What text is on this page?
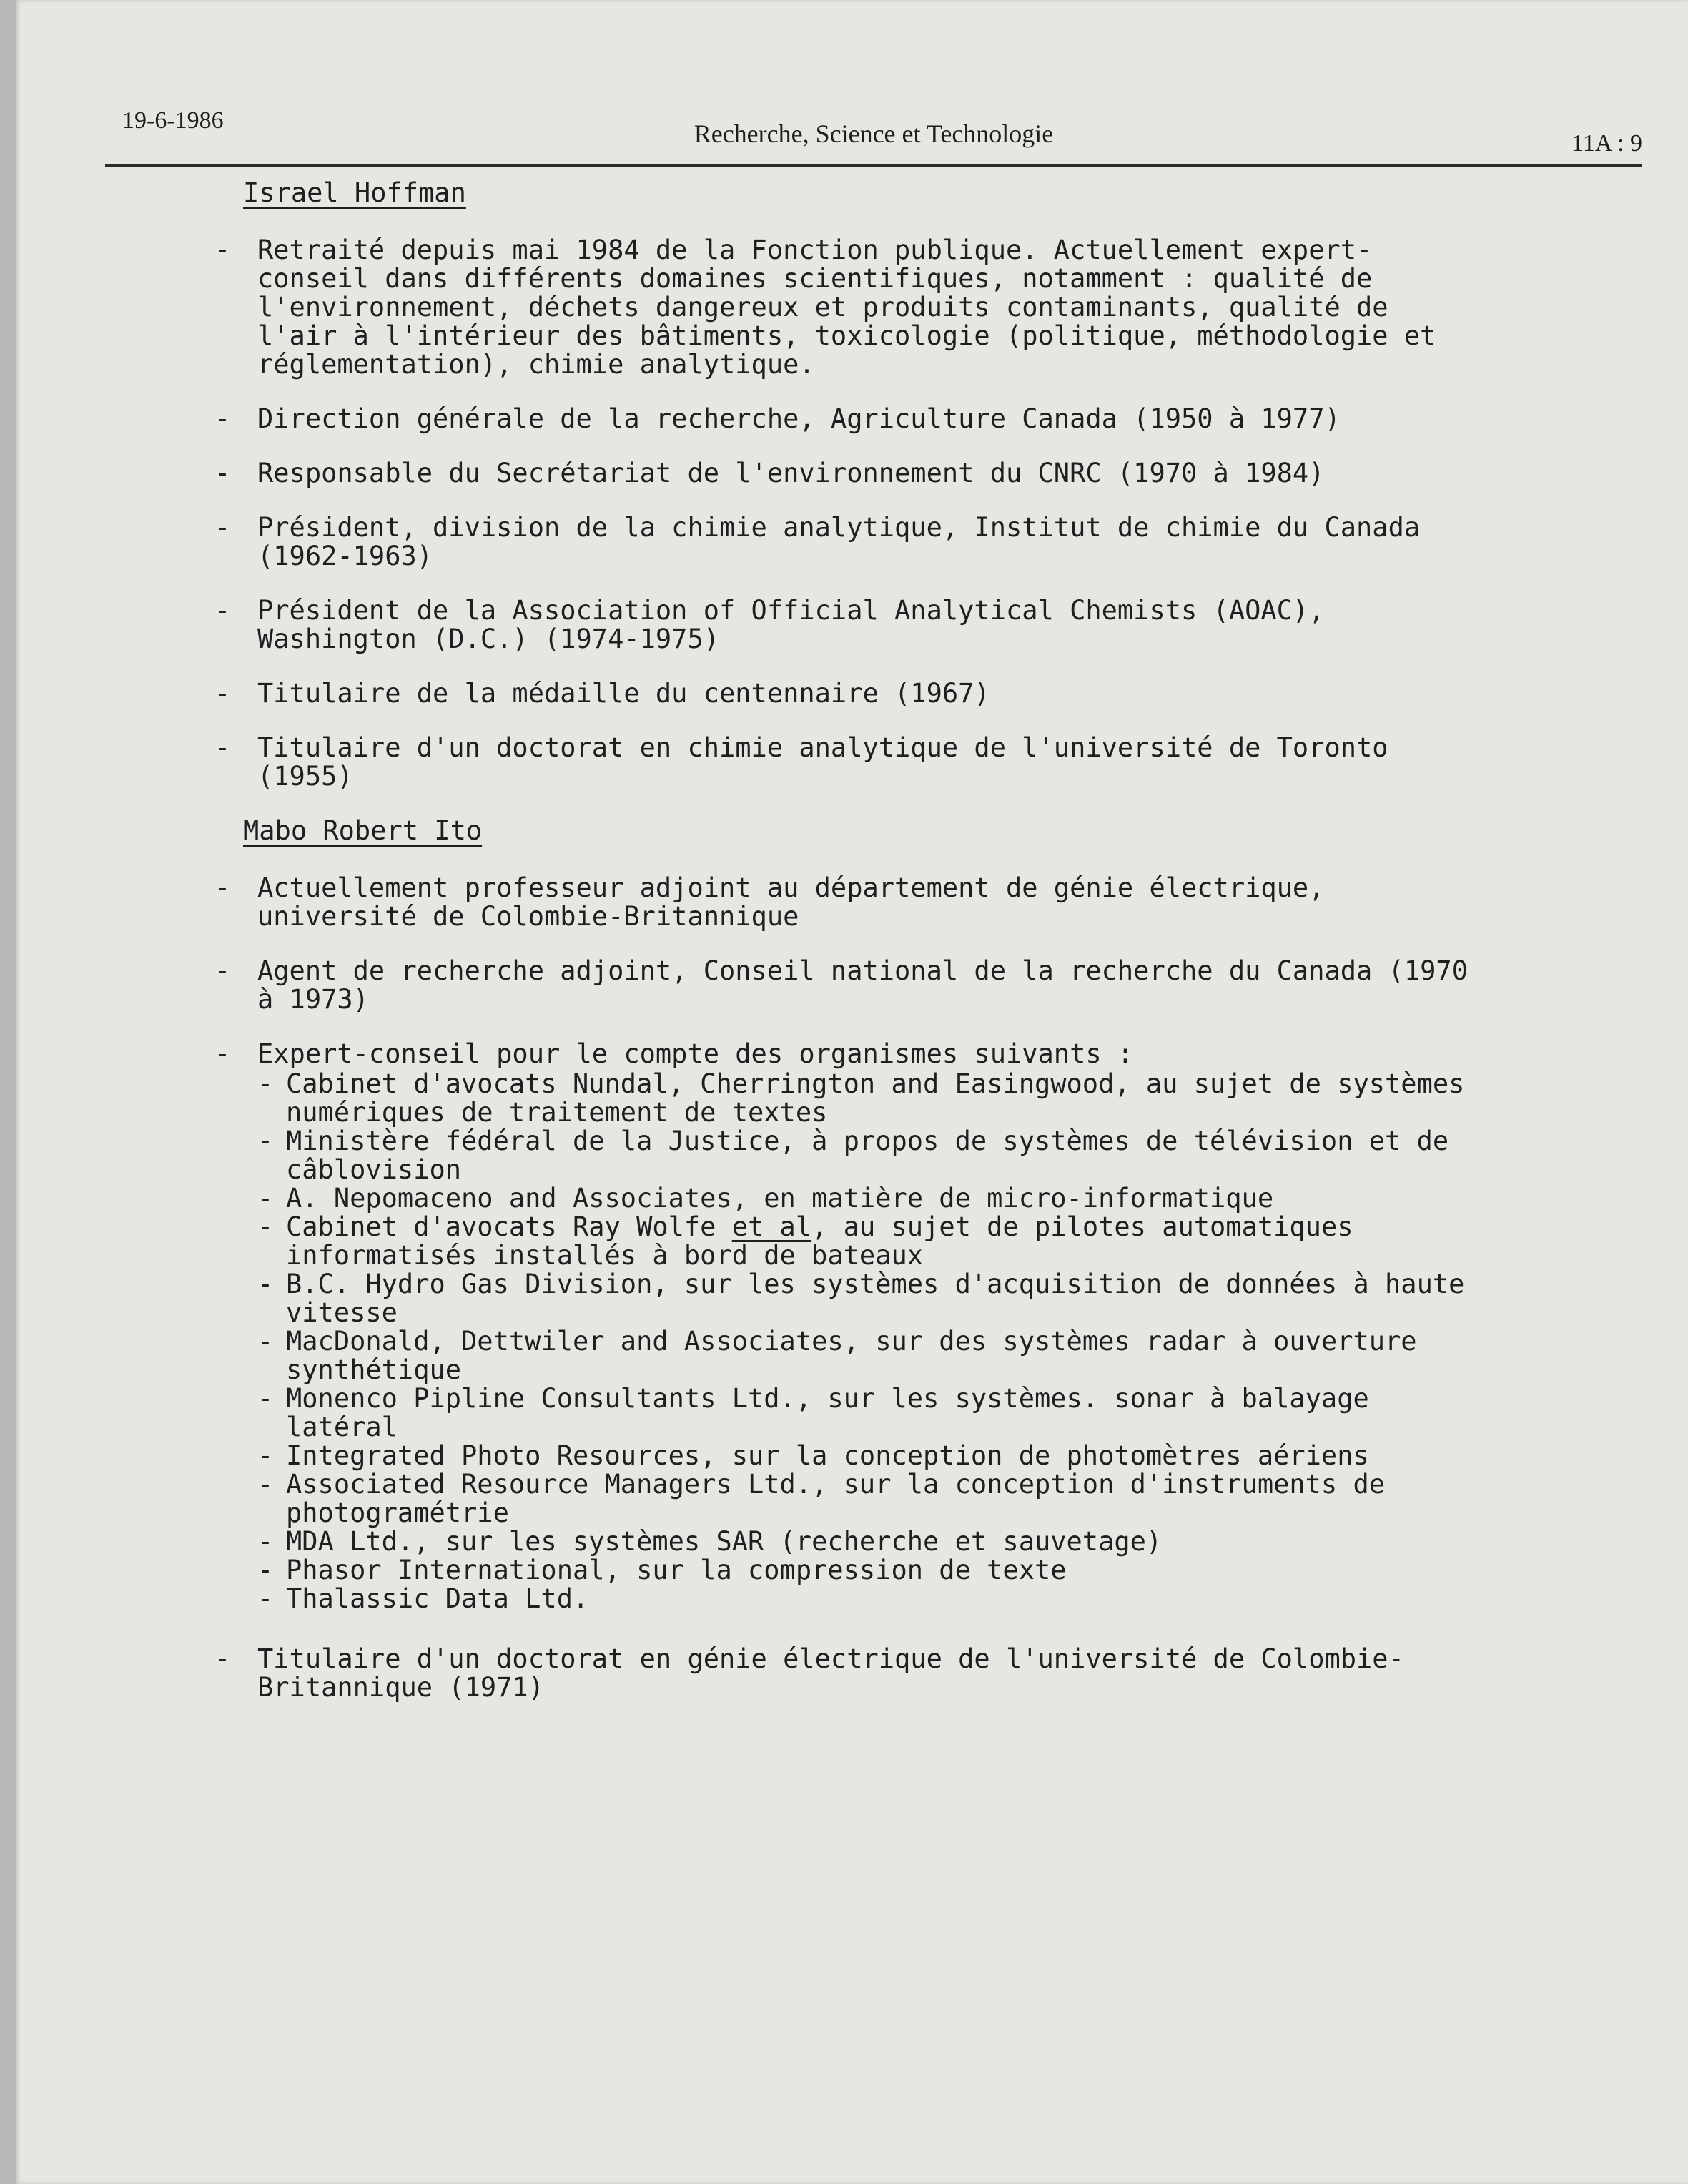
19-6-1986	Recherche, Science et Technologie	11A : 9
Israel Hoffman
- Retraité depuis mai 1984 de la Fonction publique. Actuellement expert-conseil dans différents domaines scientifiques, notamment : qualité de l'environnement, déchets dangereux et produits contaminants, qualité de l'air à l'intérieur des bâtiments, toxicologie (politique, méthodologie et réglementation), chimie analytique.
- Direction générale de la recherche, Agriculture Canada (1950 à 1977)
- Responsable du Secrétariat de l'environnement du CNRC (1970 à 1984)
- Président, division de la chimie analytique, Institut de chimie du Canada (1962-1963)
- Président de la Association of Official Analytical Chemists (AOAC), Washington (D.C.) (1974-1975)
- Titulaire de la médaille du centennaire (1967)
- Titulaire d'un doctorat en chimie analytique de l'université de Toronto (1955)
Mabo Robert Ito
- Actuellement professeur adjoint au département de génie électrique, université de Colombie-Britannique
- Agent de recherche adjoint, Conseil national de la recherche du Canada (1970 à 1973)
- Expert-conseil pour le compte des organismes suivants :
- Cabinet d'avocats Nundal, Cherrington and Easingwood, au sujet de systèmes numériques de traitement de textes
- Ministère fédéral de la Justice, à propos de systèmes de télévision et de câblovision
- A. Nepomaceno and Associates, en matière de micro-informatique
- Cabinet d'avocats Ray Wolfe et al, au sujet de pilotes automatiques informatisés installés à bord de bateaux
- B.C. Hydro Gas Division, sur les systèmes d'acquisition de données à haute vitesse
- MacDonald, Dettwiler and Associates, sur des systèmes radar à ouverture synthétique
- Monenco Pipline Consultants Ltd., sur les systèmes. sonar à balayage latéral
- Integrated Photo Resources, sur la conception de photomètres aériens
- Associated Resource Managers Ltd., sur la conception d'instruments de photogramétrie
- MDA Ltd., sur les systèmes SAR (recherche et sauvetage)
- Phasor International, sur la compression de texte
- Thalassic Data Ltd.
- Titulaire d'un doctorat en génie électrique de l'université de Colombie-Britannique (1971)
